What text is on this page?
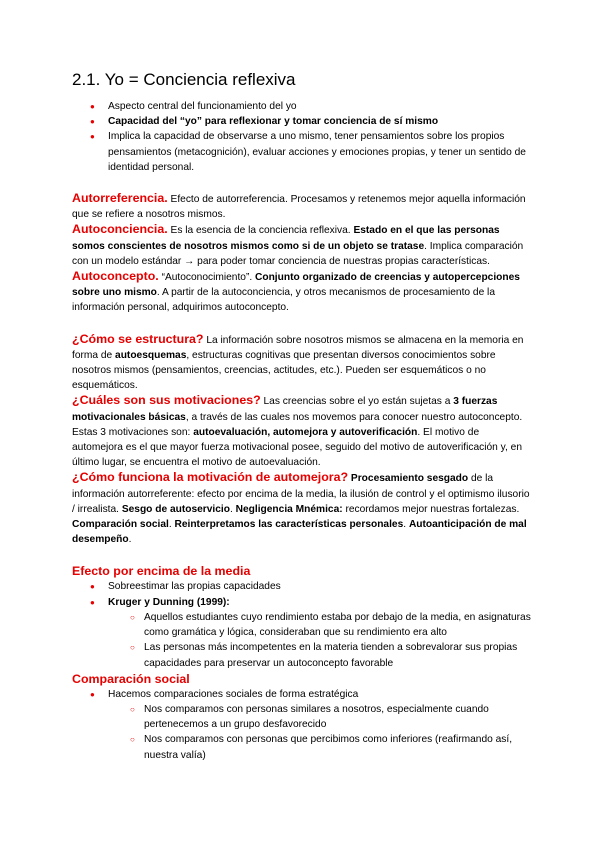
2.1. Yo = Conciencia reflexiva
● Aspecto central del funcionamiento del yo
● Capacidad del “yo” para reflexionar y tomar conciencia de sí mismo
● Implica la capacidad de observarse a uno mismo, tener pensamientos sobre los propios pensamientos (metacognición), evaluar acciones y emociones propias, y tener un sentido de identidad personal.

Autorreferencia. Efecto de autorreferencia. Procesamos y retenemos mejor aquella información que se refiere a nosotros mismos.

Autoconciencia. Es la esencia de la conciencia reflexiva. Estado en el que las personas somos conscientes de nosotros mismos como si de un objeto se tratase. Implica comparación con un modelo estándar → para poder tomar conciencia de nuestras propias características.

Autoconcepto. “Autoconocimiento”. Conjunto organizado de creencias y autopercepciones sobre uno mismo. A partir de la autoconciencia, y otros mecanismos de procesamiento de la información personal, adquirimos autoconcepto.

¿Cómo se estructura? La información sobre nosotros mismos se almacena en la memoria en forma de autoesquemas, estructuras cognitivas que presentan diversos conocimientos sobre nosotros mismos (pensamientos, creencias, actitudes, etc.). Pueden ser esquemáticos o no esquemáticos.

¿Cuáles son sus motivaciones? Las creencias sobre el yo están sujetas a 3 fuerzas motivacionales básicas, a través de las cuales nos movemos para conocer nuestro autoconcepto. Estas 3 motivaciones son: autoevaluación, automejora y autoverificación. El motivo de automejora es el que mayor fuerza motivacional posee, seguido del motivo de autoverificación y, en último lugar, se encuentra el motivo de autoevaluación.

¿Cómo funciona la motivación de automejora? Procesamiento sesgado de la información autorreferente: efecto por encima de la media, la ilusión de control y el optimismo ilusorio / irrealista. Sesgo de autoservicio. Negligencia Mnémica: recordamos mejor nuestras fortalezas. Comparación social. Reinterpretamos las características personales. Autoanticipación de mal desempeño.

Efecto por encima de la media
● Sobreestimar las propias capacidades
● Kruger y Dunning (1999):
○ Aquellos estudiantes cuyo rendimiento estaba por debajo de la media, en asignaturas como gramática y lógica, consideraban que su rendimiento era alto
○ Las personas más incompetentes en la materia tienden a sobrevalorar sus propias capacidades para preservar un autoconcepto favorable
Comparación social
● Hacemos comparaciones sociales de forma estratégica
○ Nos comparamos con personas similares a nosotros, especialmente cuando pertenecemos a un grupo desfavorecido
○ Nos comparamos con personas que percibimos como inferiores (reafirmando así, nuestra valía)
